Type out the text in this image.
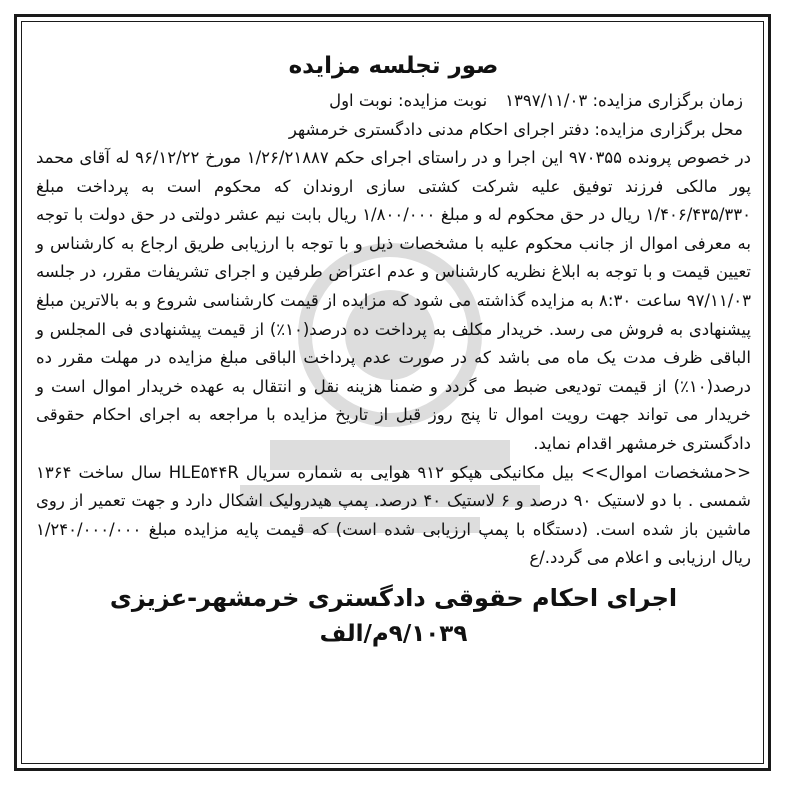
صور تجلسه مزایده
زمان برگزاری مزایده: ۱۳۹۷/۱۱/۰۳نوبت مزایده: نوبت اول
محل برگزاری مزایده: دفتر اجرای احکام مدنی دادگستری خرمشهر

در خصوص پرونده ۹۷۰۳۵۵ این اجرا و در راستای اجرای حکم ۱/۲۶/۲۱۸۸۷ مورخ ۹۶/۱۲/۲۲ له آقای محمد پور مالکی فرزند توفیق علیه شرکت کشتی سازی اروندان که محکوم است به پرداخت مبلغ ۱/۴۰۶/۴۳۵/۳۳۰ ریال در حق محکوم له و مبلغ ۱/۸۰۰/۰۰۰ ریال بابت نیم عشر دولتی در حق دولت با توجه به معرفی اموال از جانب محکوم علیه با مشخصات ذیل و با توجه با ارزیابی طریق ارجاع به کارشناس و تعیین قیمت و با توجه به ابلاغ نظریه کارشناس و عدم اعتراض طرفین و اجرای تشریفات مقرر، در جلسه ۹۷/۱۱/۰۳ ساعت ۸:۳۰ به مزایده گذاشته می شود که مزایده از قیمت کارشناسی شروع و به بالاترین مبلغ پیشنهادی به فروش می رسد. خریدار مکلف به پرداخت ده درصد(۱۰٪) از قیمت پیشنهادی فی المجلس و الباقی ظرف مدت یک ماه می باشد که در صورت عدم پرداخت الباقی مبلغ مزایده در مهلت مقرر ده درصد(۱۰٪) از قیمت تودیعی ضبط می گردد و ضمنا هزینه نقل و انتقال به عهده خریدار اموال است و خریدار می تواند جهت رویت اموال تا پنج روز قبل از تاریخ مزایده با مراجعه به اجرای احکام حقوقی دادگستری خرمشهر اقدام نماید.

<<مشخصات اموال>> بیل مکانیکی هپکو ۹۱۲ هوایی به شماره سریال HLE۵۴۴R سال ساخت ۱۳۶۴ شمسی . با دو لاستیک ۹۰ درصد و ۶ لاستیک ۴۰ درصد. پمپ هیدرولیک اشکال دارد و جهت تعمیر از روی ماشین باز شده است. (دستگاه با پمپ ارزیابی شده است) که قیمت پایه مزایده مبلغ ۱/۲۴۰/۰۰۰/۰۰۰ ریال ارزیابی و اعلام می گردد./ع

اجرای احکام حقوقی دادگستری خرمشهر-عزیزی
۹/۱۰۳۹م/الف
